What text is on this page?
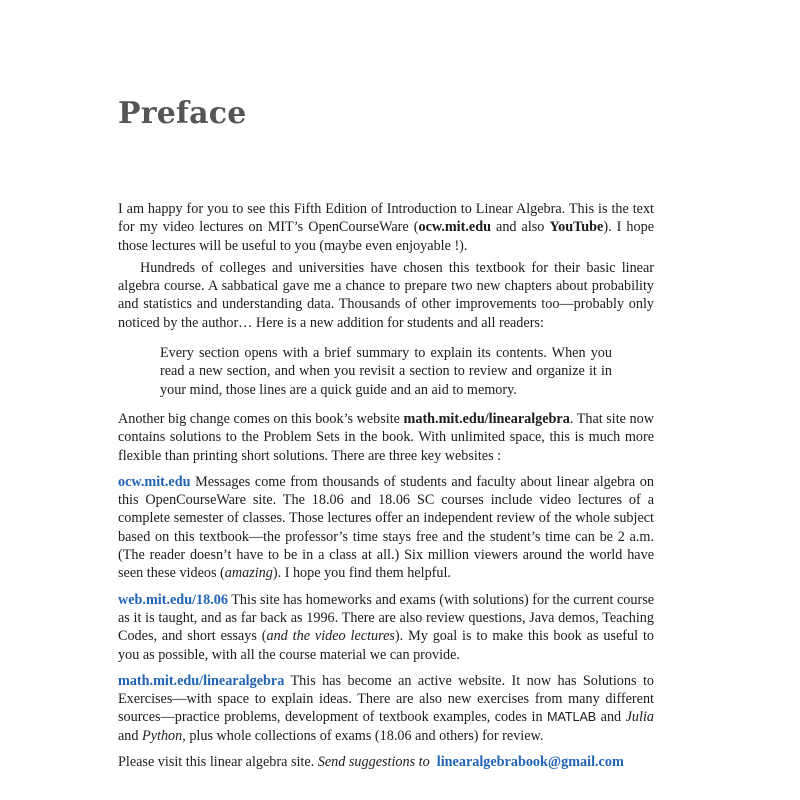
Preface

I am happy for you to see this Fifth Edition of Introduction to Linear Algebra. This is the text for my video lectures on MIT’s OpenCourseWare (ocw.mit.edu and also YouTube). I hope those lectures will be useful to you (maybe even enjoyable !).

Hundreds of colleges and universities have chosen this textbook for their basic linear algebra course. A sabbatical gave me a chance to prepare two new chapters about probability and statistics and understanding data. Thousands of other improvements too—probably only noticed by the author… Here is a new addition for students and all readers:

Every section opens with a brief summary to explain its contents. When you read a new section, and when you revisit a section to review and organize it in your mind, those lines are a quick guide and an aid to memory.

Another big change comes on this book’s website math.mit.edu/linearalgebra. That site now contains solutions to the Problem Sets in the book. With unlimited space, this is much more flexible than printing short solutions. There are three key websites :

ocw.mit.edu Messages come from thousands of students and faculty about linear algebra on this OpenCourseWare site. The 18.06 and 18.06 SC courses include video lectures of a complete semester of classes. Those lectures offer an independent review of the whole subject based on this textbook—the professor’s time stays free and the student’s time can be 2 a.m. (The reader doesn’t have to be in a class at all.) Six million viewers around the world have seen these videos (amazing). I hope you find them helpful.

web.mit.edu/18.06 This site has homeworks and exams (with solutions) for the current course as it is taught, and as far back as 1996. There are also review questions, Java demos, Teaching Codes, and short essays (and the video lectures). My goal is to make this book as useful to you as possible, with all the course material we can provide.

math.mit.edu/linearalgebra This has become an active website. It now has Solutions to Exercises—with space to explain ideas. There are also new exercises from many different sources—practice problems, development of textbook examples, codes in MATLAB and Julia and Python, plus whole collections of exams (18.06 and others) for review.

Please visit this linear algebra site. Send suggestions to linearalgebrabook@gmail.com
